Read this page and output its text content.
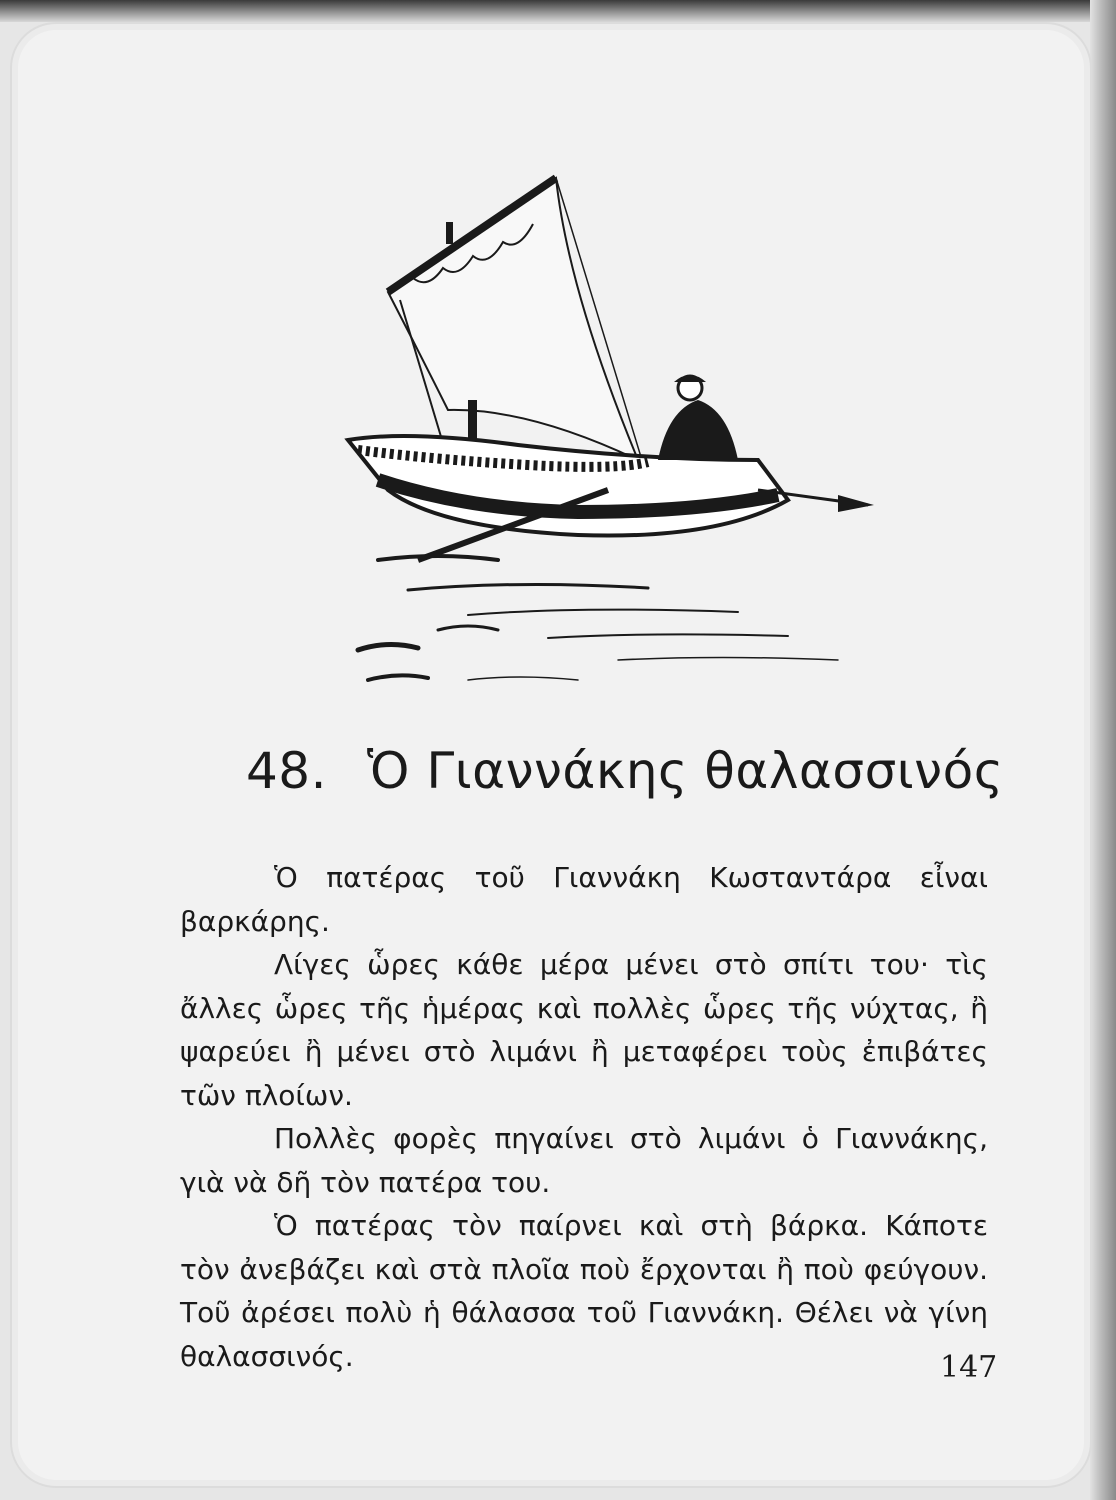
48. Ὁ Γιαννάκης θαλασσινός

Ὁ πατέρας τοῦ Γιαννάκη Κωσταντάρα εἶναι βαρκάρης.

Λίγες ὧρες κάθε μέρα μένει στὸ σπίτι του· τὶς ἄλλες ὧρες τῆς ἡμέρας καὶ πολλὲς ὧρες τῆς νύχτας, ἢ ψαρεύει ἢ μένει στὸ λιμάνι ἢ μεταφέρει τοὺς ἐπιβάτες τῶν πλοίων.

Πολλὲς φορὲς πηγαίνει στὸ λιμάνι ὁ Γιαννάκης, γιὰ νὰ δῆ τὸν πατέρα του.

Ὁ πατέρας τὸν παίρνει καὶ στὴ βάρκα. Κάποτε τὸν ἀνεβάζει καὶ στὰ πλοῖα ποὺ ἔρχονται ἢ ποὺ φεύγουν. Τοῦ ἀρέσει πολὺ ἡ θάλασσα τοῦ Γιαννάκη. Θέλει νὰ γίνη θαλασσινός.	147
